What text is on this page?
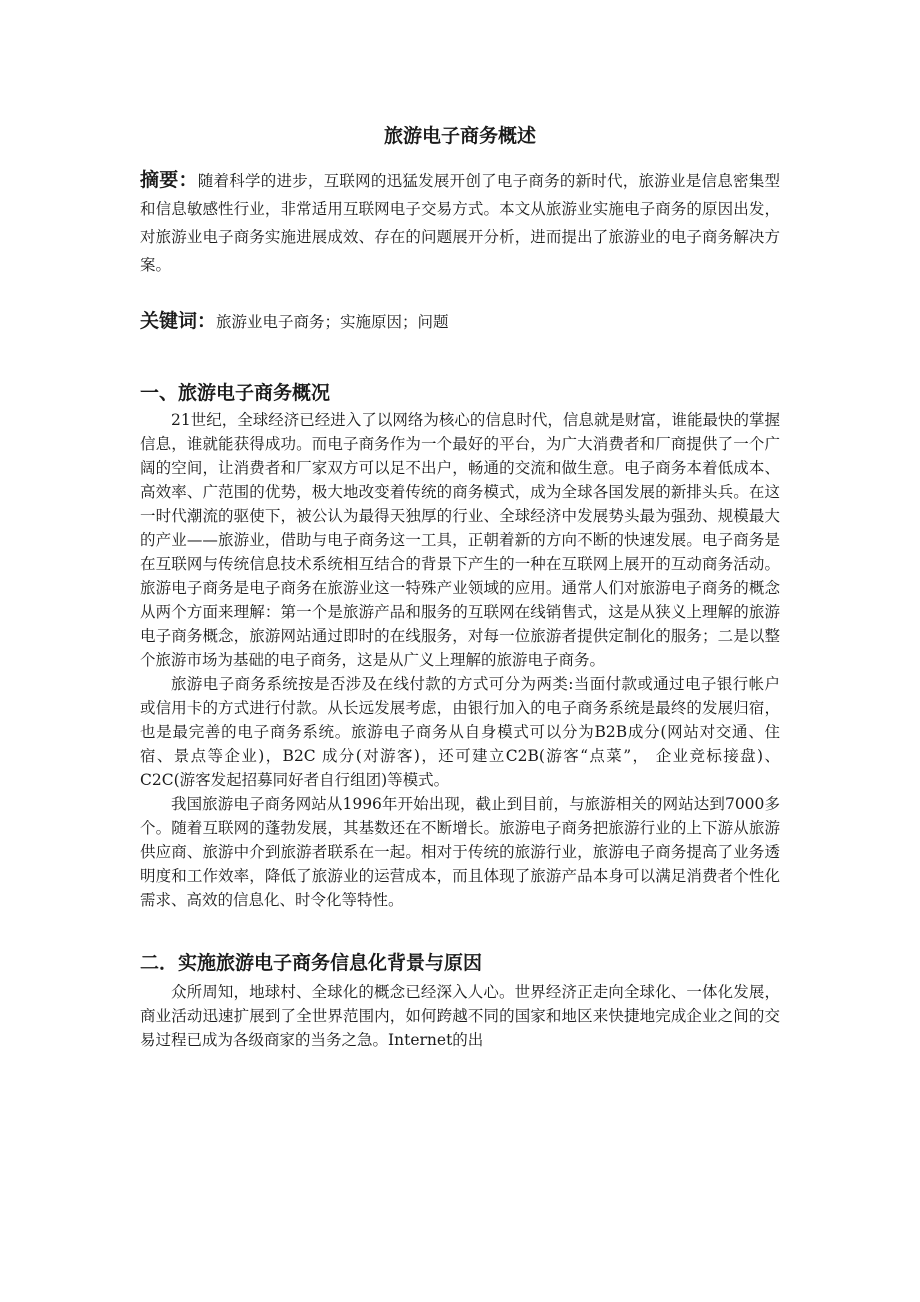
旅游电子商务概述

摘要：随着科学的进步，互联网的迅猛发展开创了电子商务的新时代，旅游业是信息密集型和信息敏感性行业，非常适用互联网电子交易方式。本文从旅游业实施电子商务的原因出发，对旅游业电子商务实施进展成效、存在的问题展开分析，进而提出了旅游业的电子商务解决方案。

关键词：旅游业电子商务；实施原因；问题

一、旅游电子商务概况

21世纪，全球经济已经进入了以网络为核心的信息时代，信息就是财富，谁能最快的掌握信息，谁就能获得成功。而电子商务作为一个最好的平台，为广大消费者和厂商提供了一个广阔的空间，让消费者和厂家双方可以足不出户，畅通的交流和做生意。电子商务本着低成本、高效率、广范围的优势，极大地改变着传统的商务模式，成为全球各国发展的新排头兵。在这一时代潮流的驱使下，被公认为最得天独厚的行业、全球经济中发展势头最为强劲、规模最大的产业——旅游业，借助与电子商务这一工具，正朝着新的方向不断的快速发展。电子商务是在互联网与传统信息技术系统相互结合的背景下产生的一种在互联网上展开的互动商务活动。旅游电子商务是电子商务在旅游业这一特殊产业领域的应用。通常人们对旅游电子商务的概念从两个方面来理解：第一个是旅游产品和服务的互联网在线销售式，这是从狭义上理解的旅游电子商务概念，旅游网站通过即时的在线服务，对每一位旅游者提供定制化的服务；二是以整个旅游市场为基础的电子商务，这是从广义上理解的旅游电子商务。

旅游电子商务系统按是否涉及在线付款的方式可分为两类:当面付款或通过电子银行帐户或信用卡的方式进行付款。从长远发展考虑，由银行加入的电子商务系统是最终的发展归宿，也是最完善的电子商务系统。旅游电子商务从自身模式可以分为B2B成分(网站对交通、住宿、景点等企业)，B2C 成分(对游客)，还可建立C2B(游客“点菜”， 企业竞标接盘)、C2C(游客发起招募同好者自行组团)等模式。

我国旅游电子商务网站从1996年开始出现，截止到目前，与旅游相关的网站达到7000多个。随着互联网的蓬勃发展，其基数还在不断增长。旅游电子商务把旅游行业的上下游从旅游供应商、旅游中介到旅游者联系在一起。相对于传统的旅游行业，旅游电子商务提高了业务透明度和工作效率，降低了旅游业的运营成本，而且体现了旅游产品本身可以满足消费者个性化需求、高效的信息化、时令化等特性。

二．实施旅游电子商务信息化背景与原因

众所周知，地球村、全球化的概念已经深入人心。世界经济正走向全球化、一体化发展，商业活动迅速扩展到了全世界范围内，如何跨越不同的国家和地区来快捷地完成企业之间的交易过程已成为各级商家的当务之急。Internet的出
